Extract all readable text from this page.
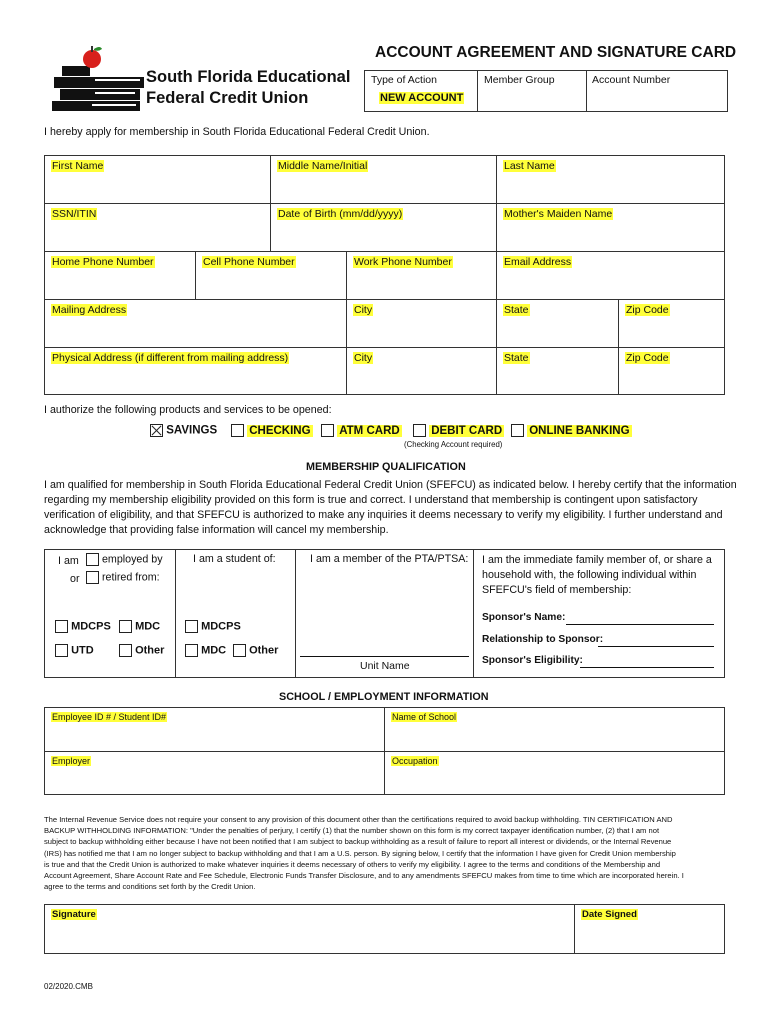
South Florida Educational
Federal Credit Union
ACCOUNT AGREEMENT AND SIGNATURE CARD
Type of Action
NEW ACCOUNT
Member Group	Account Number
I hereby apply for membership in South Florida Educational Federal Credit Union.
First Name	Middle Name/Initial	Last Name
SSN/ITIN	Date of Birth (mm/dd/yyyy)	Mother's Maiden Name
Home Phone Number	Cell Phone Number	Work Phone Number	Email Address
Mailing Address	City	State	Zip Code
Physical Address (if different from mailing address)	City	State	Zip Code
I authorize the following products and services to be opened:
SAVINGS	CHECKING	ATM CARD	DEBIT CARD	ONLINE BANKING
(Checking Account required)
MEMBERSHIP QUALIFICATION
I am qualified for membership in South Florida Educational Federal Credit Union (SFEFCU) as indicated below. I hereby certify that the information
regarding my membership eligibility provided on this form is true and correct. I understand that membership is contingent upon satisfactory
verification of eligibility, and that SFEFCU is authorized to make any inquiries it deems necessary to verify my eligibility. I further understand and
acknowledge that providing false information will cancel my membership.
I am	employed by
or	retired from:
MDCPS	MDC
UTD	Other
I am a student of:
MDCPS
MDC	Other
I am a member of the PTA/PTSA:
Unit Name
I am the immediate family member of, or share a
household with, the following individual within
SFEFCU's field of membership:
Sponsor's Name:
Relationship to Sponsor:
Sponsor's Eligibility:
SCHOOL / EMPLOYMENT INFORMATION
Employee ID # / Student ID#	Name of School
Employer	Occupation
The Internal Revenue Service does not require your consent to any provision of this document other than the certifications required to avoid backup withholding. TIN CERTIFICATION AND
BACKUP WITHHOLDING INFORMATION: "Under the penalties of perjury, I certify (1) that the number shown on this form is my correct taxpayer identification number, (2) that I am not
subject to backup withholding either because I have not been notified that I am subject to backup withholding as a result of failure to report all interest or dividends, or the Internal Revenue
(IRS) has notified me that I am no longer subject to backup withholding and that I am a U.S. person. By signing below, I certify that the information I have given for Credit Union membership
is true and that the Credit Union is authorized to make whatever inquiries it deems necessary of others to verify my eligibility. I agree to the terms and conditions of the Membership and
Account Agreement, Share Account Rate and Fee Schedule, Electronic Funds Transfer Disclosure, and to any amendments SFEFCU makes from time to time which are incorporated herein. I
agree to the terms and conditions set forth by the Credit Union.
Signature	Date Signed
02/2020.CMB
